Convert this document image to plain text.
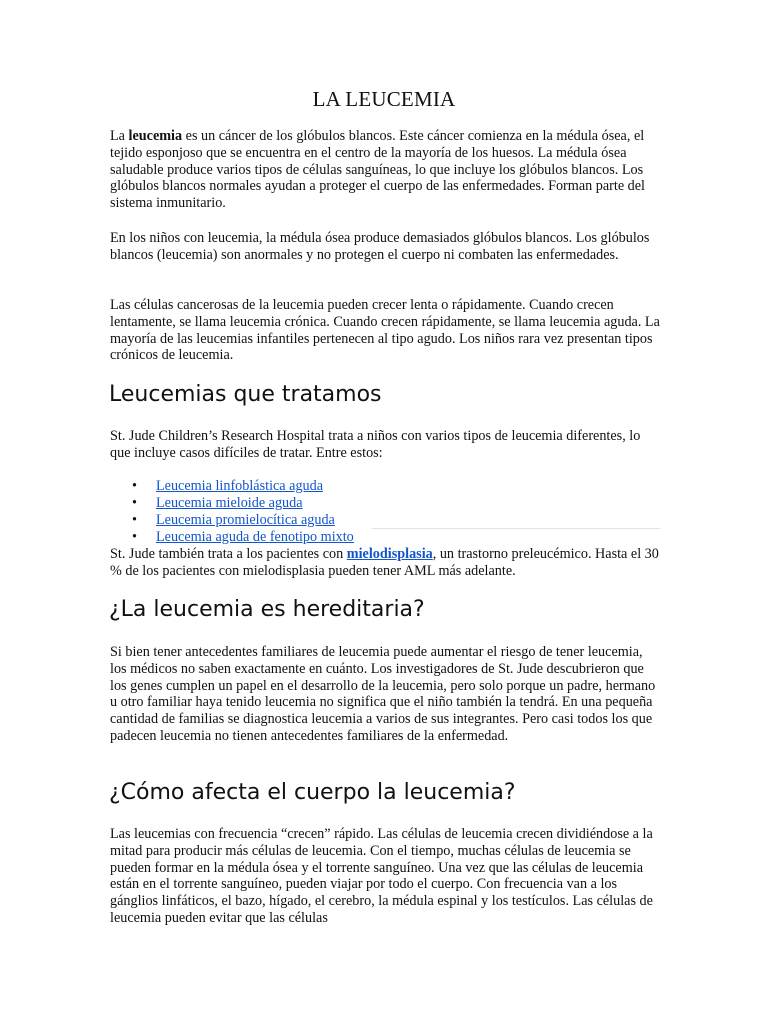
LA LEUCEMIA

La leucemia es un cáncer de los glóbulos blancos. Este cáncer comienza en la médula ósea, el tejido esponjoso que se encuentra en el centro de la mayoría de los huesos. La médula ósea saludable produce varios tipos de células sanguíneas, lo que incluye los glóbulos blancos. Los glóbulos blancos normales ayudan a proteger el cuerpo de las enfermedades. Forman parte del sistema inmunitario.

En los niños con leucemia, la médula ósea produce demasiados glóbulos blancos. Los glóbulos blancos (leucemia) son anormales y no protegen el cuerpo ni combaten las enfermedades.

Las células cancerosas de la leucemia pueden crecer lenta o rápidamente. Cuando crecen lentamente, se llama leucemia crónica. Cuando crecen rápidamente, se llama leucemia aguda. La mayoría de las leucemias infantiles pertenecen al tipo agudo. Los niños rara vez presentan tipos crónicos de leucemia.

Leucemias que tratamos

St. Jude Children’s Research Hospital trata a niños con varios tipos de leucemia diferentes, lo que incluye casos difíciles de tratar. Entre estos:

• Leucemia linfoblástica aguda
• Leucemia mieloide aguda
• Leucemia promielocítica aguda
• Leucemia aguda de fenotipo mixto

St. Jude también trata a los pacientes con mielodisplasia, un trastorno preleucémico. Hasta el 30 % de los pacientes con mielodisplasia pueden tener AML más adelante.

¿La leucemia es hereditaria?

Si bien tener antecedentes familiares de leucemia puede aumentar el riesgo de tener leucemia, los médicos no saben exactamente en cuánto. Los investigadores de St. Jude descubrieron que los genes cumplen un papel en el desarrollo de la leucemia, pero solo porque un padre, hermano u otro familiar haya tenido leucemia no significa que el niño también la tendrá. En una pequeña cantidad de familias se diagnostica leucemia a varios de sus integrantes. Pero casi todos los que padecen leucemia no tienen antecedentes familiares de la enfermedad.

¿Cómo afecta el cuerpo la leucemia?

Las leucemias con frecuencia “crecen” rápido. Las células de leucemia crecen dividiéndose a la mitad para producir más células de leucemia. Con el tiempo, muchas células de leucemia se pueden formar en la médula ósea y el torrente sanguíneo. Una vez que las células de leucemia están en el torrente sanguíneo, pueden viajar por todo el cuerpo. Con frecuencia van a los gánglios linfáticos, el bazo, hígado, el cerebro, la médula espinal y los testículos. Las células de leucemia pueden evitar que las células
